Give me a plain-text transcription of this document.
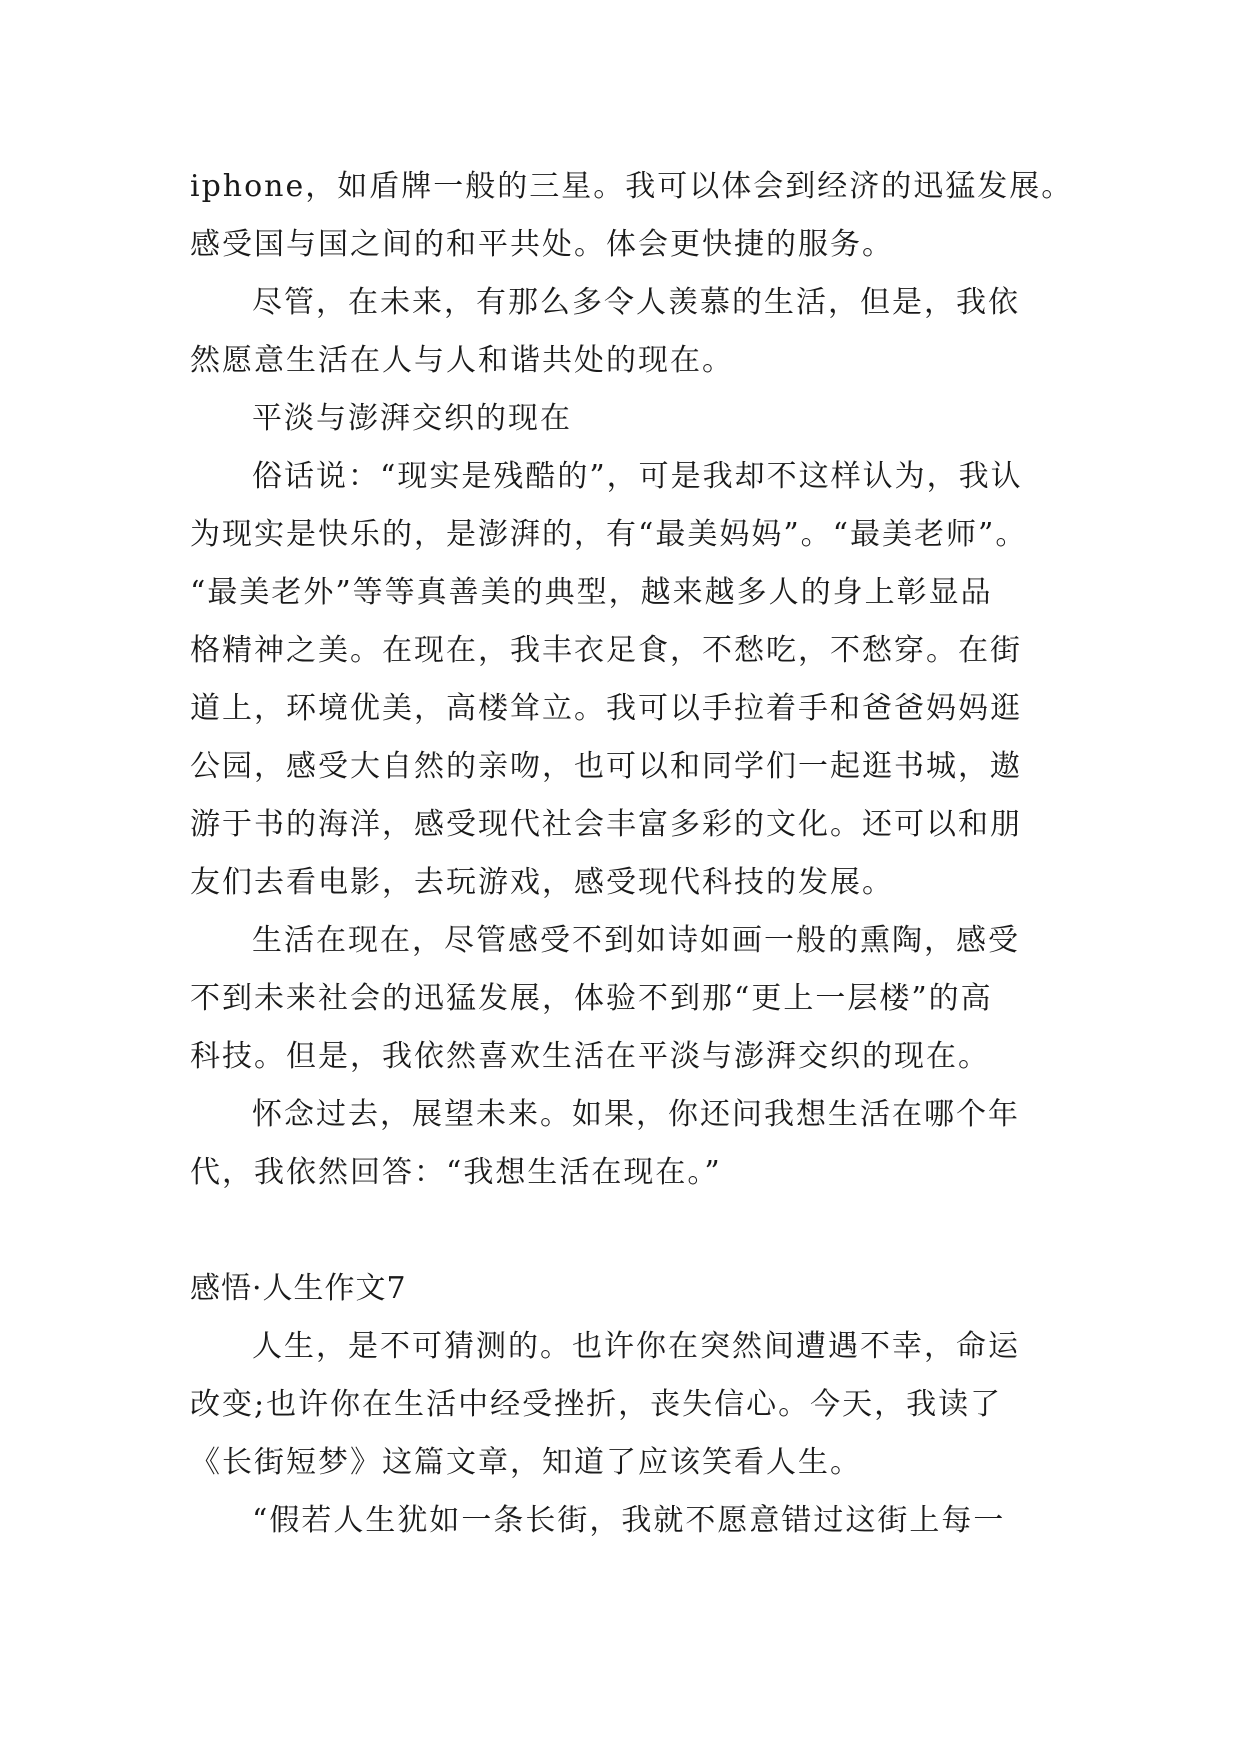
iphone，如盾牌一般的三星。我可以体会到经济的迅猛发展。
感受国与国之间的和平共处。体会更快捷的服务。
尽管，在未来，有那么多令人羡慕的生活，但是，我依
然愿意生活在人与人和谐共处的现在。
平淡与澎湃交织的现在
俗话说：“现实是残酷的”，可是我却不这样认为，我认
为现实是快乐的，是澎湃的，有“最美妈妈”。“最美老师”。
“最美老外”等等真善美的典型，越来越多人的身上彰显品
格精神之美。在现在，我丰衣足食，不愁吃，不愁穿。在街
道上，环境优美，高楼耸立。我可以手拉着手和爸爸妈妈逛
公园，感受大自然的亲吻，也可以和同学们一起逛书城，遨
游于书的海洋，感受现代社会丰富多彩的文化。还可以和朋
友们去看电影，去玩游戏，感受现代科技的发展。
生活在现在，尽管感受不到如诗如画一般的熏陶，感受
不到未来社会的迅猛发展，体验不到那“更上一层楼”的高
科技。但是，我依然喜欢生活在平淡与澎湃交织的现在。
怀念过去，展望未来。如果，你还问我想生活在哪个年
代，我依然回答：“我想生活在现在。”
感悟·人生作文7
人生，是不可猜测的。也许你在突然间遭遇不幸，命运
改变;也许你在生活中经受挫折，丧失信心。今天，我读了
《长街短梦》这篇文章，知道了应该笑看人生。
“假若人生犹如一条长街，我就不愿意错过这街上每一
